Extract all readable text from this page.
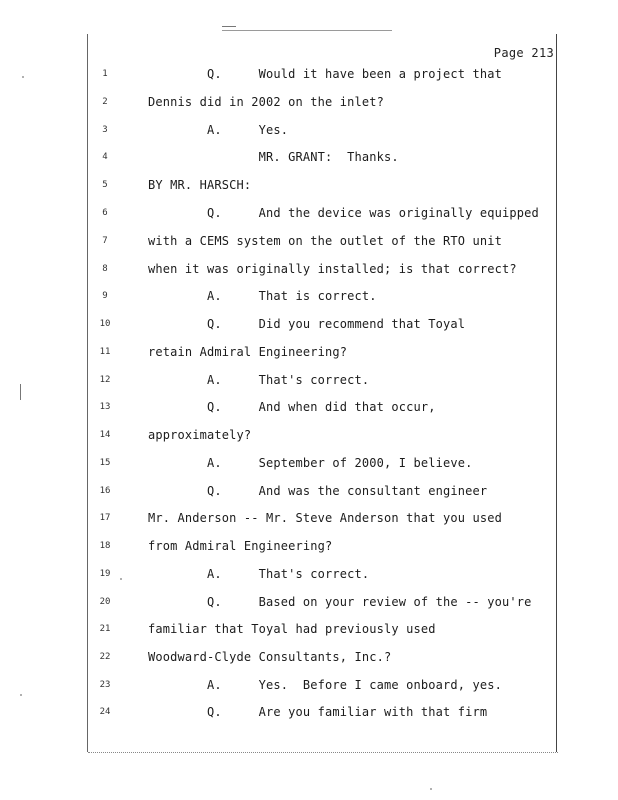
Page 213
1	Q.     Would it have been a project that
2	Dennis did in 2002 on the inlet?
3	A.     Yes.
4	MR. GRANT:  Thanks.
5	BY MR. HARSCH:
6	Q.     And the device was originally equipped
7	with a CEMS system on the outlet of the RTO unit
8	when it was originally installed; is that correct?
9	A.     That is correct.
10	Q.     Did you recommend that Toyal
11	retain Admiral Engineering?
12	A.     That's correct.
13	Q.     And when did that occur,
14	approximately?
15	A.     September of 2000, I believe.
16	Q.     And was the consultant engineer
17	Mr. Anderson -- Mr. Steve Anderson that you used
18	from Admiral Engineering?
19	A.     That's correct.
20	Q.     Based on your review of the -- you're
21	familiar that Toyal had previously used
22	Woodward-Clyde Consultants, Inc.?
23	A.     Yes.  Before I came onboard, yes.
24	Q.     Are you familiar with that firm
